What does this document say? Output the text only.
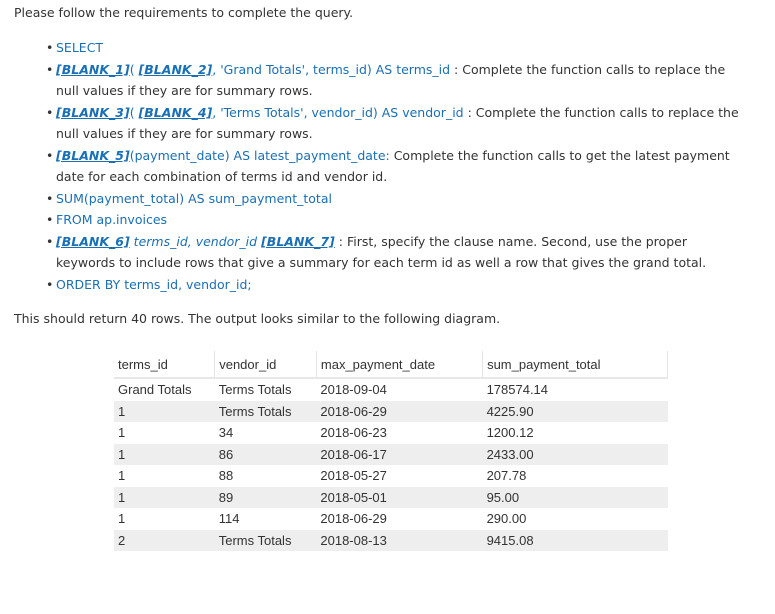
Please follow the requirements to complete the query.
• SELECT
• [BLANK_1]( [BLANK_2], 'Grand Totals', terms_id) AS terms_id : Complete the function calls to replace the null values if they are for summary rows.
• [BLANK_3]( [BLANK_4], 'Terms Totals', vendor_id) AS vendor_id : Complete the function calls to replace the null values if they are for summary rows.
• [BLANK_5](payment_date) AS latest_payment_date: Complete the function calls to get the latest payment date for each combination of terms id and vendor id.
• SUM(payment_total) AS sum_payment_total
• FROM ap.invoices
• [BLANK_6] terms_id, vendor_id [BLANK_7] : First, specify the clause name. Second, use the proper keywords to include rows that give a summary for each term id as well a row that gives the grand total.
• ORDER BY terms_id, vendor_id;
This should return 40 rows. The output looks similar to the following diagram.
terms_id	vendor_id	max_payment_date	sum_payment_total
Grand Totals	Terms Totals	2018-09-04	178574.14
1	Terms Totals	2018-06-29	4225.90
1	34	2018-06-23	1200.12
1	86	2018-06-17	2433.00
1	88	2018-05-27	207.78
1	89	2018-05-01	95.00
1	114	2018-06-29	290.00
2	Terms Totals	2018-08-13	9415.08
